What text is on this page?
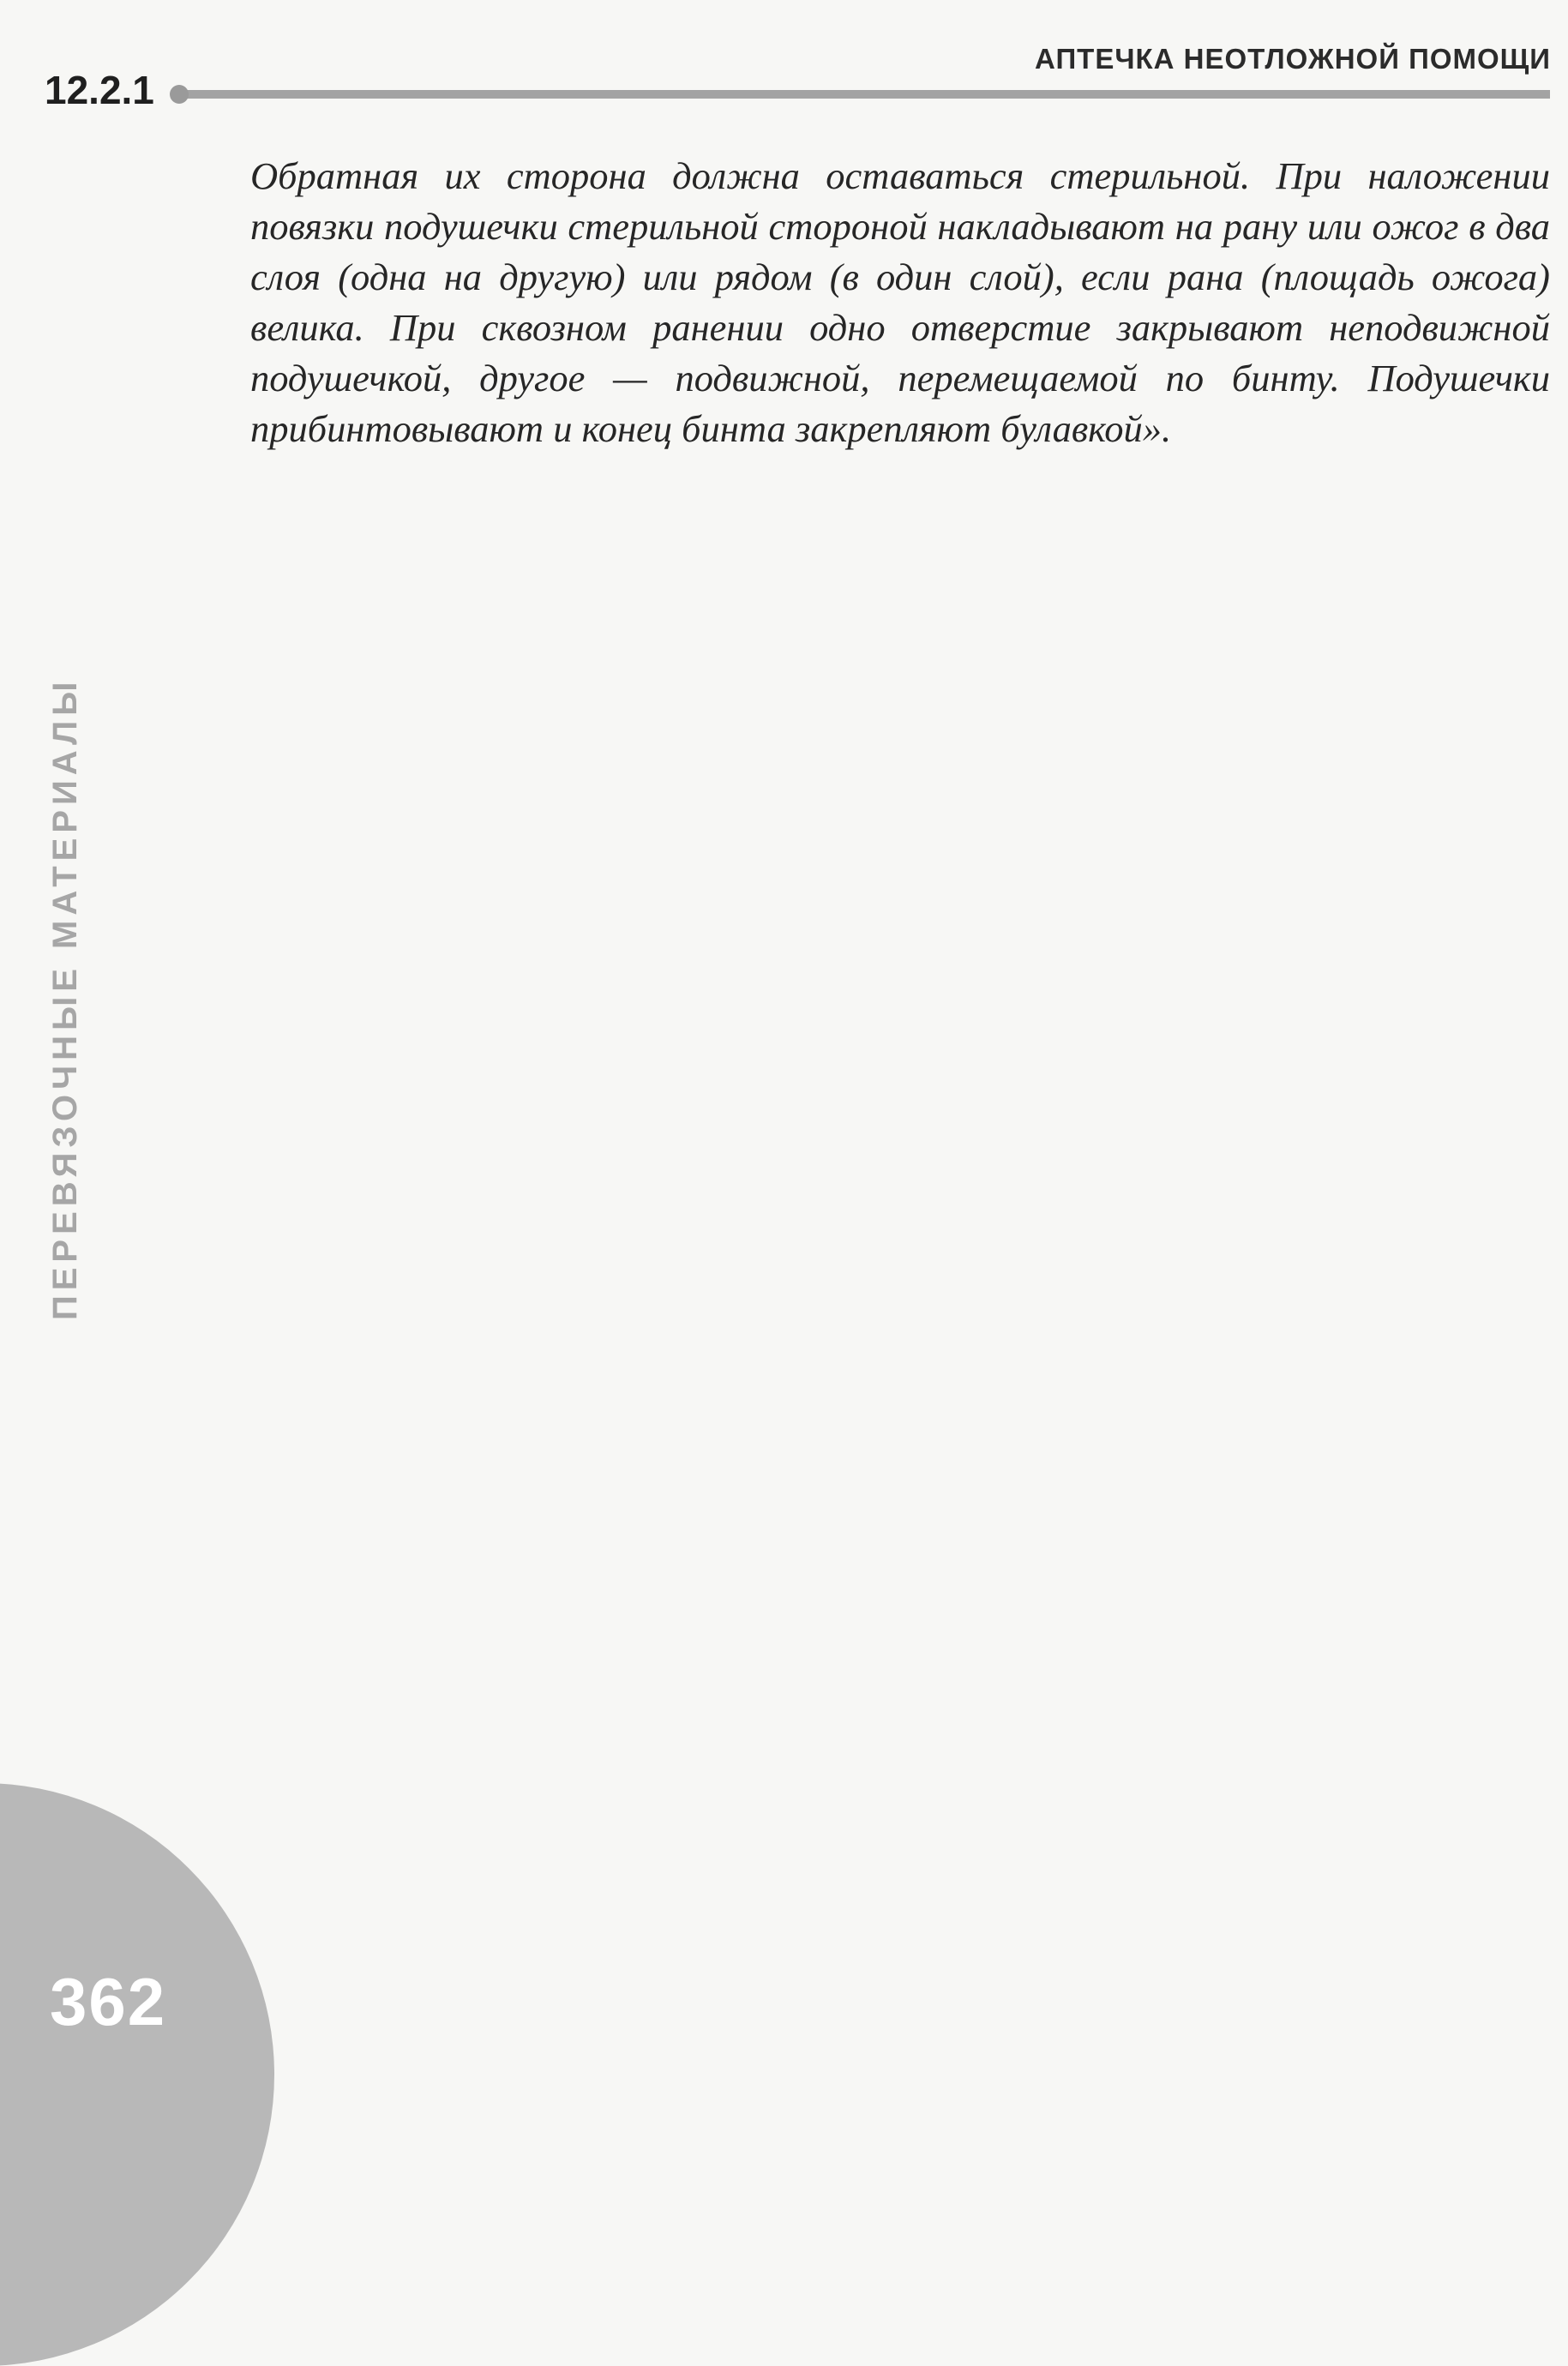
АПТЕЧКА НЕОТЛОЖНОЙ ПОМОЩИ
12.2.1

Обратная их сторона должна оставаться стерильной. При наложении повязки подушечки стерильной стороной накладывают на рану или ожог в два слоя (одна на другую) или рядом (в один слой), если рана (площадь ожога) велика. При сквозном ранении одно отверстие закрывают неподвижной подушечкой, другое — подвижной, перемещаемой по бинту. Подушечки прибинтовывают и конец бинта закрепляют булавкой».

ПЕРЕВЯЗОЧНЫЕ МАТЕРИАЛЫ
362
